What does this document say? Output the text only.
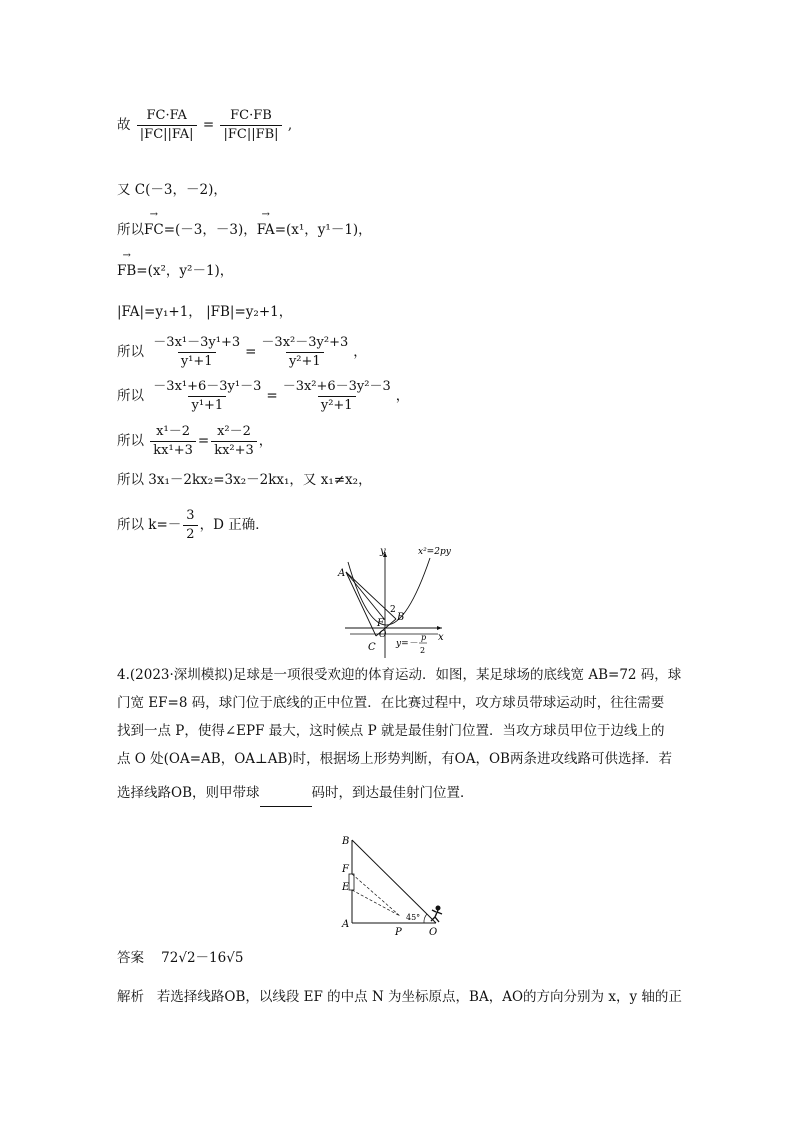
故 $\frac{FC\cdot FA}{|FC||FA|} = \frac{FC\cdot FB}{|FC||FB|}$ ,
又 C(－3，－2)，
所以→ FC=(－3，－3)，→ FA=(x¹，y¹－1)，
→ FB=(x²，y²－1)，
|FA|=y₁+1， |FB|=y₂+1，
所以 $\frac{\text{－3x¹－3y¹+3}}{\text{y¹+1}} = \frac{\text{－3x²－3y²+3}}{\text{y²+1}}$ ，
所以 $\frac{\text{－3x¹+6－3y¹－3}}{\text{y¹+1}} = \frac{\text{－3x²+6－3y²－3}}{\text{y²+1}}$ ，
所以 $\frac{\text{x¹－2}}{\text{kx¹+3}} = \frac{\text{x²－2}}{\text{kx²+3}}$ ，
所以 3x₁－2kx₂=3x₂－2kx₁，又 x₁≠x₂，
所以 $k=- \frac{3}{2}$ ，D 正确．
A
B
C
F
O
2
y
x
x²=2py
y=－
p
2
4.(2023·深圳模拟)足球是一项很受欢迎的体育运动．如图，某足球场的底线宽 AB=72 码，球
门宽 EF=8 码，球门位于底线的正中位置．在比赛过程中，攻方球员带球运动时，往往需要
找到一点 P，使得∠EPF 最大，这时候点 P 就是最佳射门位置．当攻方球员甲位于边线上的
点 O 处(OA=AB，OA⊥AB)时，根据场上形势判断，有OA，OB两条进攻线路可供选择．若
选择线路OB，则甲带球	码时，到达最佳射门位置．
B
F
E
A
P	O
45°
答案 72√2－16√5
解析 若选择线路OB，以线段 EF 的中点 N 为坐标原点，BA，AO的方向分别为 x，y 轴的正
